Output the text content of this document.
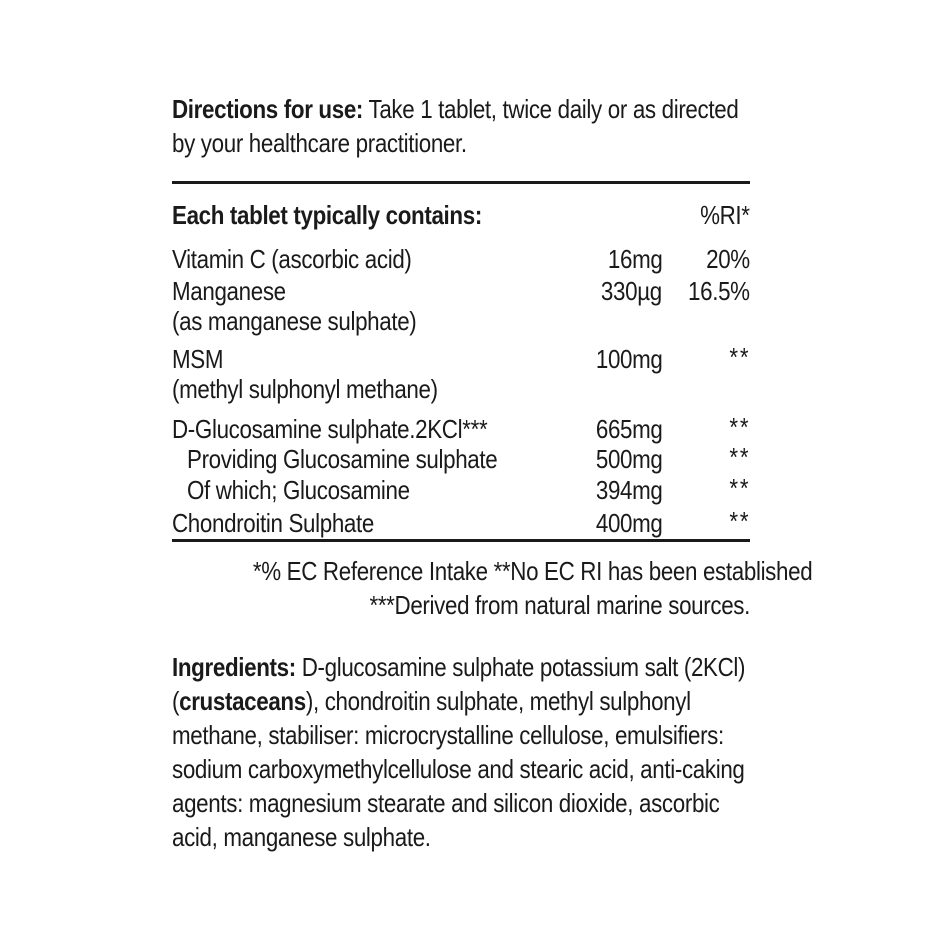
Directions for use: Take 1 tablet, twice daily or as directed by your healthcare practitioner.
Each tablet typically contains:	%RI*
Vitamin C (ascorbic acid)	16mg 20%
Manganese	330µg 16.5%
(as manganese sulphate)
MSM	100mg	**
(methyl sulphonyl methane)
D-Glucosamine sulphate.2KCl***	665mg	**
Providing Glucosamine sulphate	500mg	**
Of which; Glucosamine	394mg	**
Chondroitin Sulphate	400mg	**
*% EC Reference Intake **No EC RI has been established
***Derived from natural marine sources.
Ingredients: D-glucosamine sulphate potassium salt (2KCl) (crustaceans), chondroitin sulphate, methyl sulphonyl methane, stabiliser: microcrystalline cellulose, emulsifiers: sodium carboxymethylcellulose and stearic acid, anti-caking agents: magnesium stearate and silicon dioxide, ascorbic acid, manganese sulphate.
